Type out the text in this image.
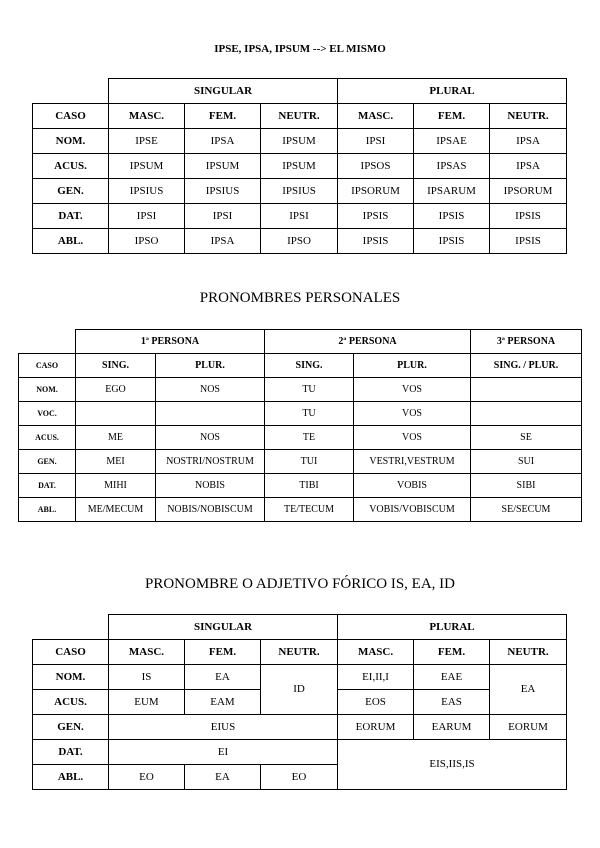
IPSE, IPSA, IPSUM --> EL MISMO
	SINGULAR			PLURAL		
CASO	MASC.	FEM.	NEUTR.	MASC.	FEM.	NEUTR.
NOM.	IPSE	IPSA	IPSUM	IPSI	IPSAE	IPSA
ACUS.	IPSUM	IPSUM	IPSUM	IPSOS	IPSAS	IPSA
GEN.	IPSIUS	IPSIUS	IPSIUS	IPSORUM	IPSARUM	IPSORUM
DAT.	IPSI	IPSI	IPSI	IPSIS	IPSIS	IPSIS
ABL.	IPSO	IPSA	IPSO	IPSIS	IPSIS	IPSIS
PRONOMBRES PERSONALES
	1ª PERSONA		2ª PERSONA		3ª PERSONA
CASO	SING.	PLUR.	SING.	PLUR.	SING. / PLUR.
NOM.	EGO	NOS	TU	VOS	
VOC.			TU	VOS	
ACUS.	ME	NOS	TE	VOS	SE
GEN.	MEI	NOSTRI/NOSTRUM	TUI	VESTRI,VESTRUM	SUI
DAT.	MIHI	NOBIS	TIBI	VOBIS	SIBI
ABL.	ME/MECUM	NOBIS/NOBISCUM	TE/TECUM	VOBIS/VOBISCUM	SE/SECUM
PRONOMBRE O ADJETIVO FÓRICO IS, EA, ID
	SINGULAR			PLURAL		
CASO	MASC.	FEM.	NEUTR.	MASC.	FEM.	NEUTR.
NOM.	IS	EA	ID	EI,II,I	EAE	EA
ACUS.	EUM	EAM		EOS	EAS	
GEN.	EIUS			EORUM	EARUM	EORUM
DAT.	EI			EIS,IIS,IS		
ABL.	EO	EA	EO			
